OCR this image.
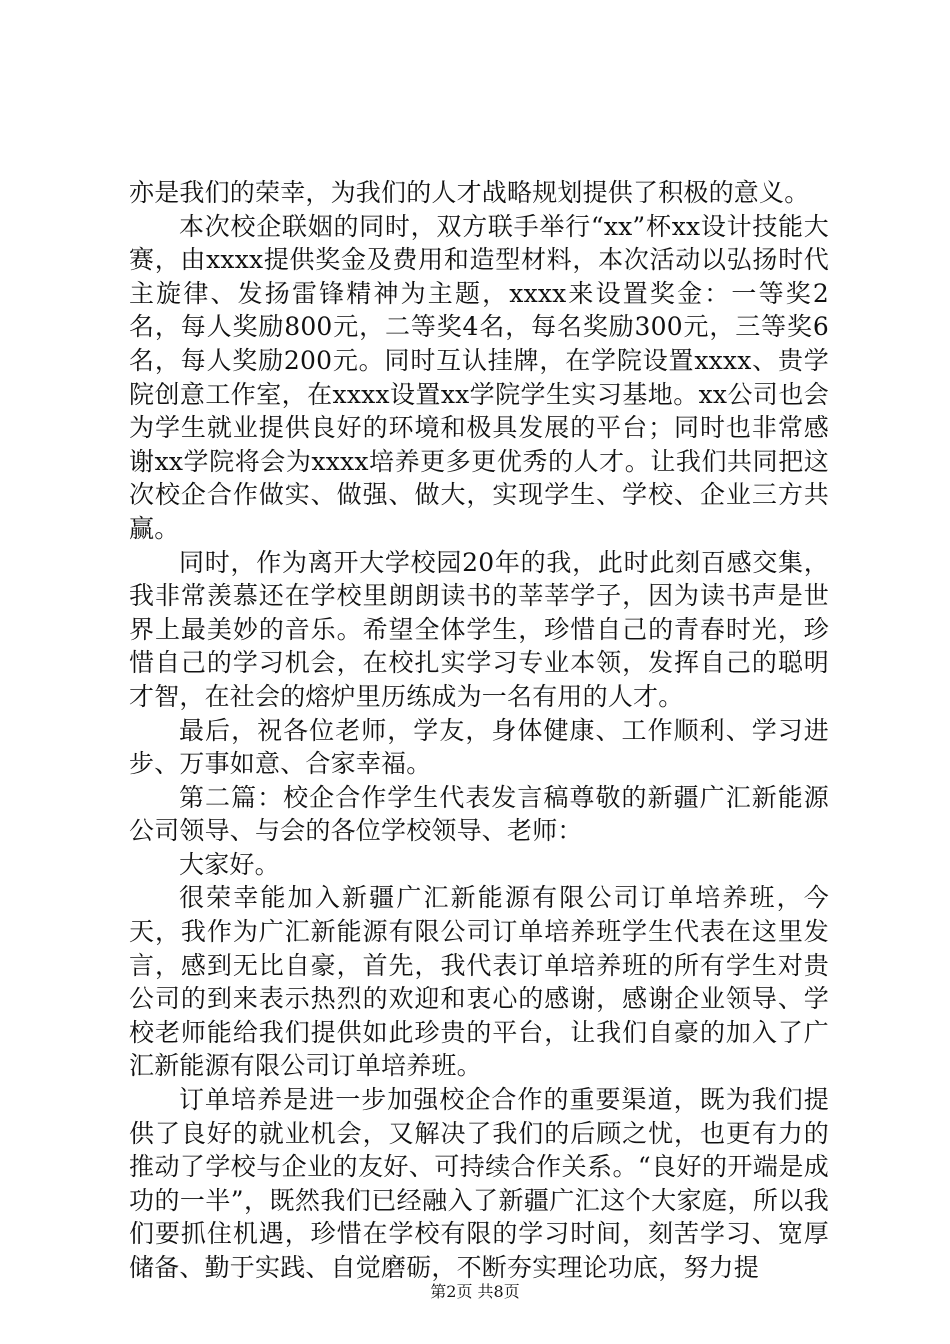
亦是我们的荣幸，为我们的人才战略规划提供了积极的意义。

本次校企联姻的同时，双方联手举行“xx”杯xx设计技能大赛，由xxxx提供奖金及费用和造型材料，本次活动以弘扬时代主旋律、发扬雷锋精神为主题，xxxx来设置奖金：一等奖2名，每人奖励800元，二等奖4名，每名奖励300元，三等奖6名，每人奖励200元。同时互认挂牌，在学院设置xxxx、贵学院创意工作室，在xxxx设置xx学院学生实习基地。xx公司也会为学生就业提供良好的环境和极具发展的平台；同时也非常感谢xx学院将会为xxxx培养更多更优秀的人才。让我们共同把这次校企合作做实、做强、做大，实现学生、学校、企业三方共赢。

同时，作为离开大学校园20年的我，此时此刻百感交集，我非常羡慕还在学校里朗朗读书的莘莘学子，因为读书声是世界上最美妙的音乐。希望全体学生，珍惜自己的青春时光，珍惜自己的学习机会，在校扎实学习专业本领，发挥自己的聪明才智，在社会的熔炉里历练成为一名有用的人才。

最后，祝各位老师，学友，身体健康、工作顺利、学习进步、万事如意、合家幸福。

第二篇：校企合作学生代表发言稿尊敬的新疆广汇新能源公司领导、与会的各位学校领导、老师：

大家好。

很荣幸能加入新疆广汇新能源有限公司订单培养班，今天，我作为广汇新能源有限公司订单培养班学生代表在这里发言，感到无比自豪，首先，我代表订单培养班的所有学生对贵公司的到来表示热烈的欢迎和衷心的感谢，感谢企业领导、学校老师能给我们提供如此珍贵的平台，让我们自豪的加入了广汇新能源有限公司订单培养班。

订单培养是进一步加强校企合作的重要渠道，既为我们提供了良好的就业机会，又解决了我们的后顾之忧，也更有力的推动了学校与企业的友好、可持续合作关系。“良好的开端是成功的一半”，既然我们已经融入了新疆广汇这个大家庭，所以我们要抓住机遇，珍惜在学校有限的学习时间，刻苦学习、宽厚储备、勤于实践、自觉磨砺，不断夯实理论功底，努力提

第2页 共8页
